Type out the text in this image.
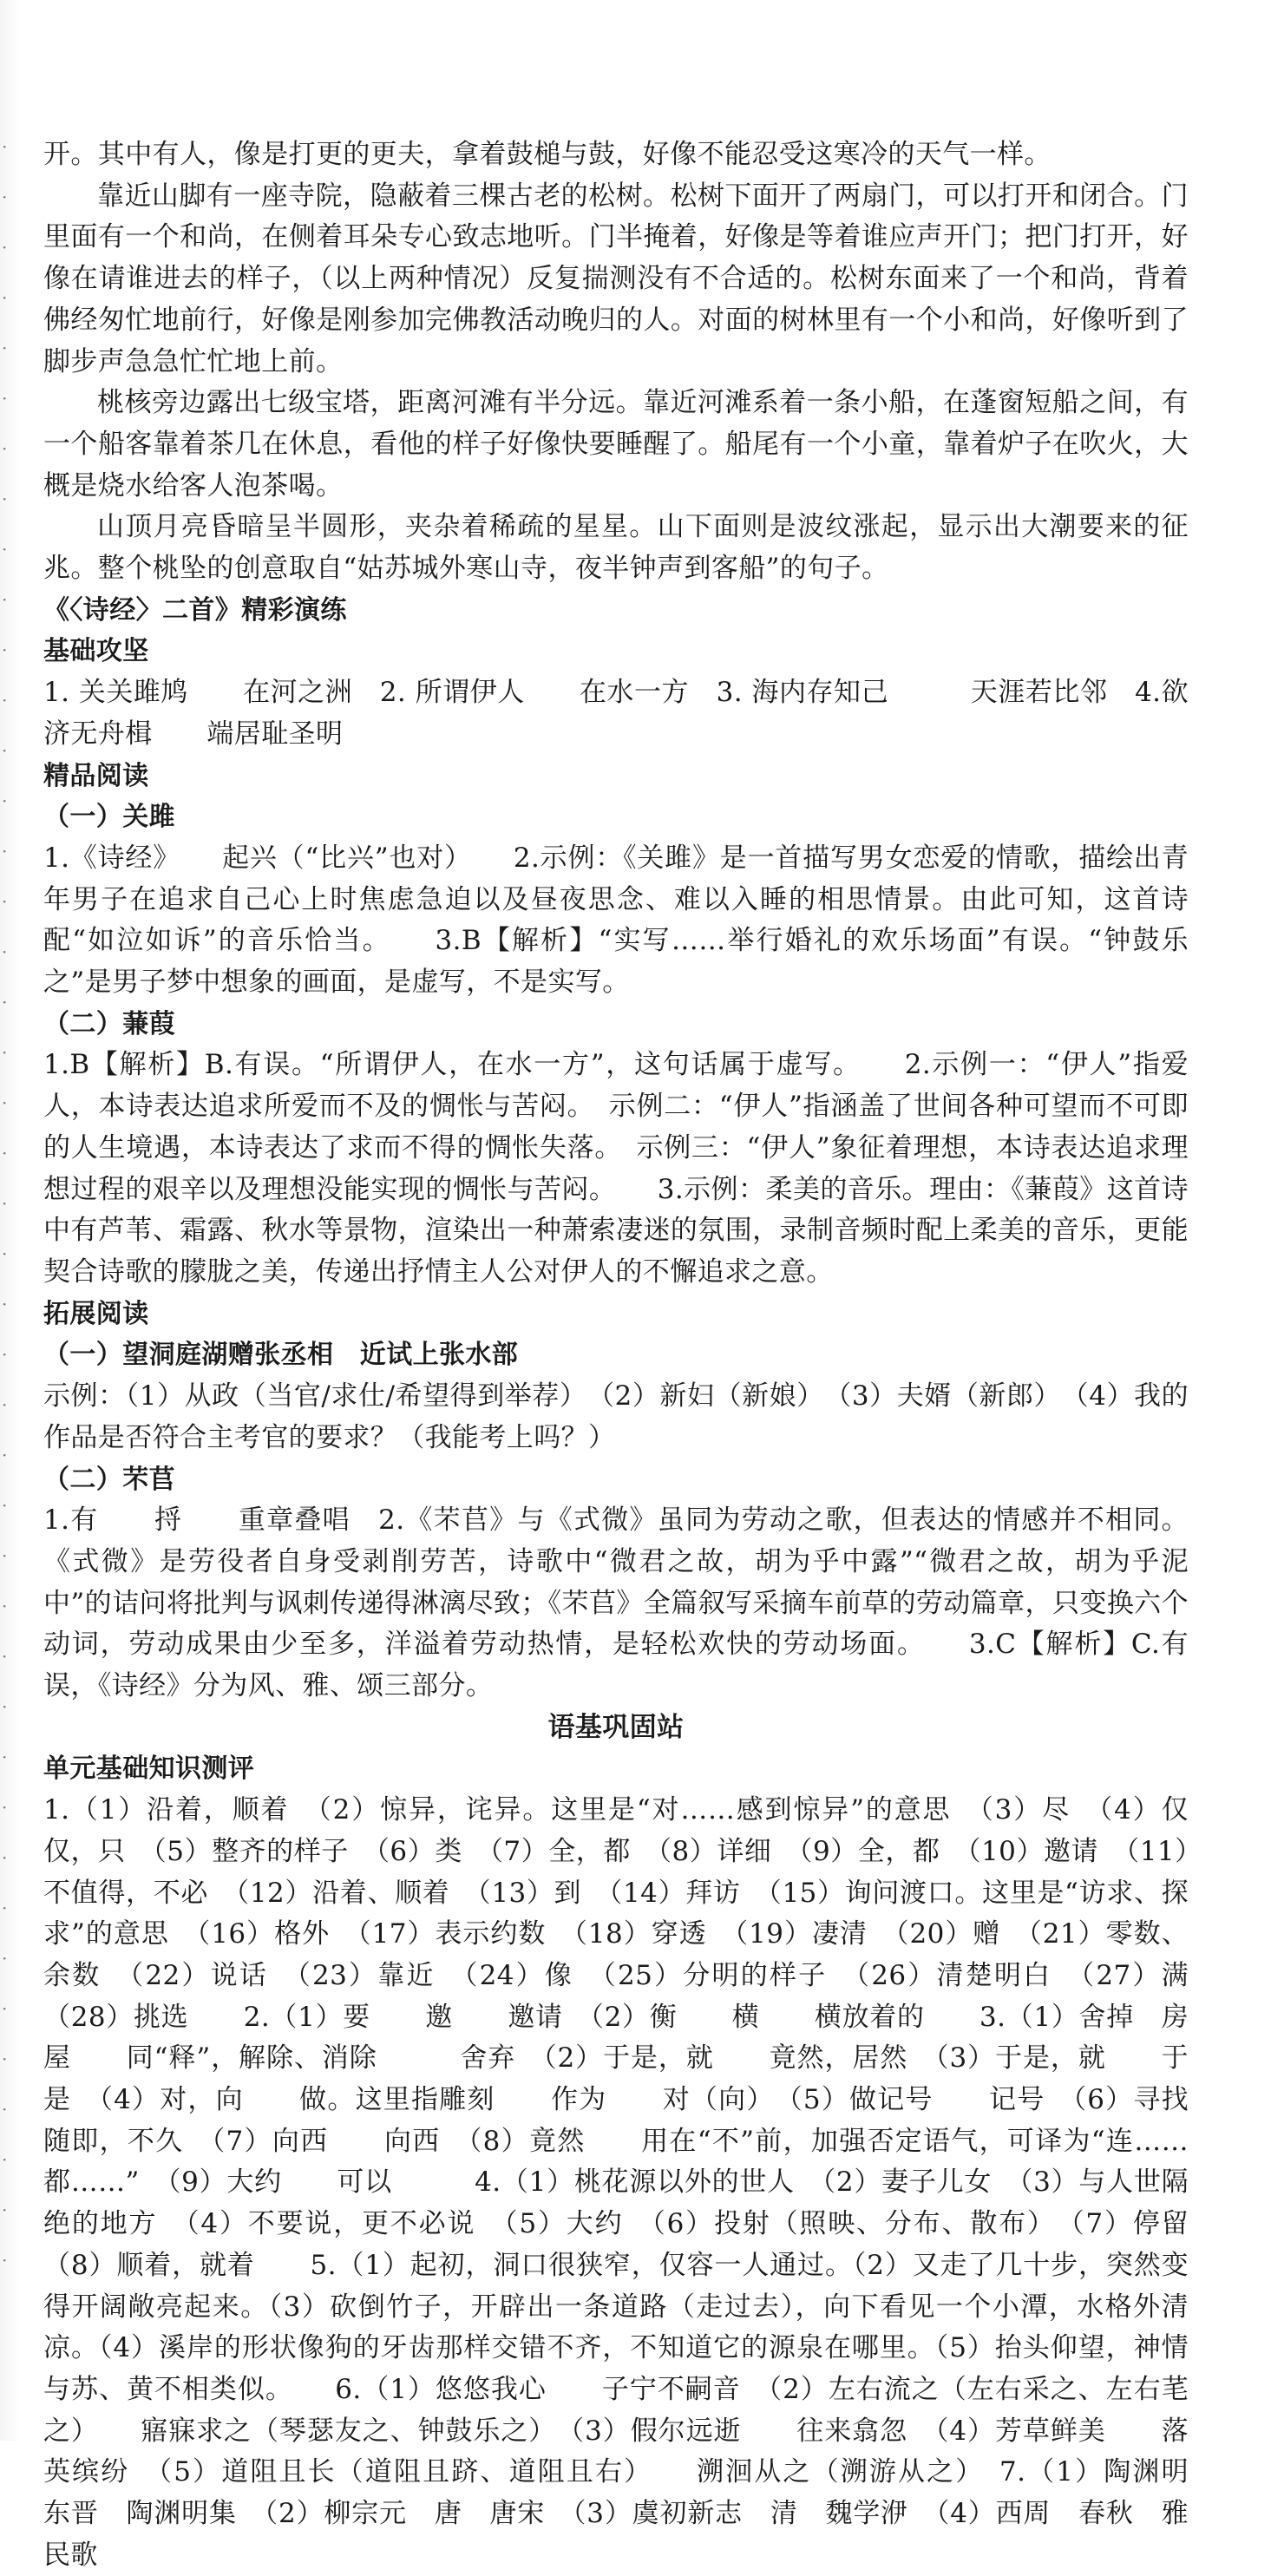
·
·
·
·
·
·
·
·
·
·
·
·
·
·
·
·
·
·
·
·
·
·
·
·
·
·
·
·
·
·
·
·
·
·
·
·
·
·
·
·
·
·
·

开。其中有人，像是打更的更夫，拿着鼓槌与鼓，好像不能忍受这寒冷的天气一样。

靠近山脚有一座寺院，隐蔽着三棵古老的松树。松树下面开了两扇门，可以打开和闭合。门里面有一个和尚，在侧着耳朵专心致志地听。门半掩着，好像是等着谁应声开门；把门打开，好像在请谁进去的样子，（以上两种情况）反复揣测没有不合适的。松树东面来了一个和尚，背着佛经匆忙地前行，好像是刚参加完佛教活动晚归的人。对面的树林里有一个小和尚，好像听到了脚步声急急忙忙地上前。

桃核旁边露出七级宝塔，距离河滩有半分远。靠近河滩系着一条小船，在蓬窗短船之间，有一个船客靠着茶几在休息，看他的样子好像快要睡醒了。船尾有一个小童，靠着炉子在吹火，大概是烧水给客人泡茶喝。

山顶月亮昏暗呈半圆形，夹杂着稀疏的星星。山下面则是波纹涨起，显示出大潮要来的征兆。整个桃坠的创意取自“姑苏城外寒山寺，夜半钟声到客船”的句子。

《〈诗经〉二首》精彩演练

基础攻坚

1. 关关雎鸠　　在河之洲　2. 所谓伊人　　在水一方　3. 海内存知己　　　天涯若比邻　4.欲济无舟楫　　端居耻圣明

精品阅读

（一）关雎

1.《诗经》　　起兴（“比兴”也对）　　2.示例：《关雎》是一首描写男女恋爱的情歌，描绘出青年男子在追求自己心上时焦虑急迫以及昼夜思念、难以入睡的相思情景。由此可知，这首诗配“如泣如诉”的音乐恰当。　　3.B【解析】“实写……举行婚礼的欢乐场面”有误。“钟鼓乐之”是男子梦中想象的画面，是虚写，不是实写。

（二）蒹葭

1.B【解析】B.有误。“所谓伊人，在水一方”，这句话属于虚写。　　2.示例一：“伊人”指爱人，本诗表达追求所爱而不及的惆怅与苦闷。　示例二：“伊人”指涵盖了世间各种可望而不可即的人生境遇，本诗表达了求而不得的惆怅失落。　示例三：“伊人”象征着理想，本诗表达追求理想过程的艰辛以及理想没能实现的惆怅与苦闷。　　3.示例：柔美的音乐。理由：《蒹葭》这首诗中有芦苇、霜露、秋水等景物，渲染出一种萧索凄迷的氛围，录制音频时配上柔美的音乐，更能契合诗歌的朦胧之美，传递出抒情主人公对伊人的不懈追求之意。

拓展阅读

（一）望洞庭湖赠张丞相　近试上张水部

示例：（1）从政（当官/求仕/希望得到举荐）　（2）新妇（新娘）　（3）夫婿（新郎）　（4）我的作品是否符合主考官的要求？（我能考上吗？）

（二）芣苢

1.有　　捋　　重章叠唱　2.《芣苢》与《式微》虽同为劳动之歌，但表达的情感并不相同。《式微》是劳役者自身受剥削劳苦，诗歌中“微君之故，胡为乎中露”“微君之故，胡为乎泥中”的诘问将批判与讽刺传递得淋漓尽致；《芣苢》全篇叙写采摘车前草的劳动篇章，只变换六个动词，劳动成果由少至多，洋溢着劳动热情，是轻松欢快的劳动场面。　　3.C【解析】C.有误，《诗经》分为风、雅、颂三部分。

语基巩固站

单元基础知识测评

1.（1）沿着，顺着　（2）惊异，诧异。这里是“对……感到惊异”的意思　（3）尽　（4）仅仅，只　（5）整齐的样子　（6）类　（7）全，都　（8）详细　（9）全，都　（10）邀请　（11）不值得，不必　（12）沿着、顺着　（13）到　（14）拜访　（15）询问渡口。这里是“访求、探求”的意思　（16）格外　（17）表示约数　（18）穿透　（19）凄清　（20）赠　（21）零数、余数　（22）说话　（23）靠近　（24）像　（25）分明的样子　（26）清楚明白　（27）满　（28）挑选　　2.（1）要　　邀　　邀请　（2）衡　　横　　横放着的　　3.（1）舍掉　房屋　　同“释”，解除、消除　　　舍弃　（2）于是，就　　竟然，居然　（3）于是，就　　于是　（4）对，向　　做。这里指雕刻　　作为　　对（向）　（5）做记号　　记号　（6）寻找　　　随即，不久　（7）向西　　向西　（8）竟然　　用在“不”前，加强否定语气，可译为“连……都……”　（9）大约　　可以　　　4.（1）桃花源以外的世人　（2）妻子儿女　（3）与人世隔绝的地方　（4）不要说，更不必说　（5）大约　（6）投射（照映、分布、散布）　（7）停留　（8）顺着，就着　　5.（1）起初，洞口很狭窄，仅容一人通过。（2）又走了几十步，突然变得开阔敞亮起来。（3）砍倒竹子，开辟出一条道路（走过去），向下看见一个小潭，水格外清凉。（4）溪岸的形状像狗的牙齿那样交错不齐，不知道它的源泉在哪里。（5）抬头仰望，神情与苏、黄不相类似。　　6.（1）悠悠我心　　子宁不嗣音　（2）左右流之（左右采之、左右芼之）　　寤寐求之（琴瑟友之、钟鼓乐之）　（3）假尔远逝　　往来翕忽　（4）芳草鲜美　　落英缤纷　（5）道阻且长（道阻且跻、道阻且右）　　溯洄从之（溯游从之）　7.（1）陶渊明　　东晋　陶渊明集　（2）柳宗元　唐　唐宋　（3）虞初新志　清　魏学洢　（4）西周　春秋　雅　民歌
